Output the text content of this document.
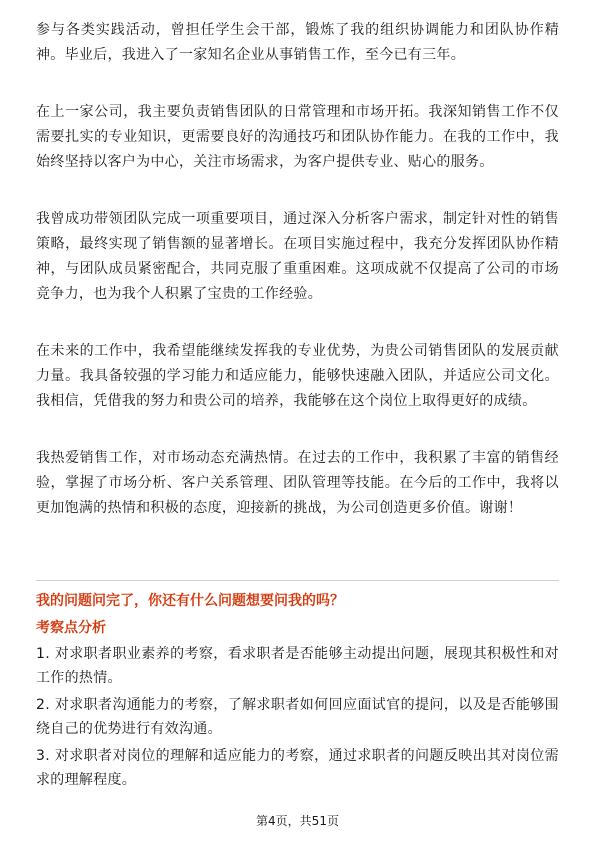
参与各类实践活动，曾担任学生会干部，锻炼了我的组织协调能力和团队协作精神。毕业后，我进入了一家知名企业从事销售工作，至今已有三年。

在上一家公司，我主要负责销售团队的日常管理和市场开拓。我深知销售工作不仅需要扎实的专业知识，更需要良好的沟通技巧和团队协作能力。在我的工作中，我始终坚持以客户为中心，关注市场需求，为客户提供专业、贴心的服务。

我曾成功带领团队完成一项重要项目，通过深入分析客户需求，制定针对性的销售策略，最终实现了销售额的显著增长。在项目实施过程中，我充分发挥团队协作精神，与团队成员紧密配合，共同克服了重重困难。这项成就不仅提高了公司的市场竞争力，也为我个人积累了宝贵的工作经验。

在未来的工作中，我希望能继续发挥我的专业优势，为贵公司销售团队的发展贡献力量。我具备较强的学习能力和适应能力，能够快速融入团队，并适应公司文化。我相信，凭借我的努力和贵公司的培养，我能够在这个岗位上取得更好的成绩。

我热爱销售工作，对市场动态充满热情。在过去的工作中，我积累了丰富的销售经验，掌握了市场分析、客户关系管理、团队管理等技能。在今后的工作中，我将以更加饱满的热情和积极的态度，迎接新的挑战，为公司创造更多价值。谢谢！

我的问题问完了，你还有什么问题想要问我的吗？
考察点分析

1. 对求职者职业素养的考察，看求职者是否能够主动提出问题，展现其积极性和对工作的热情。

2. 对求职者沟通能力的考察，了解求职者如何回应面试官的提问，以及是否能够围绕自己的优势进行有效沟通。

3. 对求职者对岗位的理解和适应能力的考察，通过求职者的问题反映出其对岗位需求的理解程度。

第4页，共51页
